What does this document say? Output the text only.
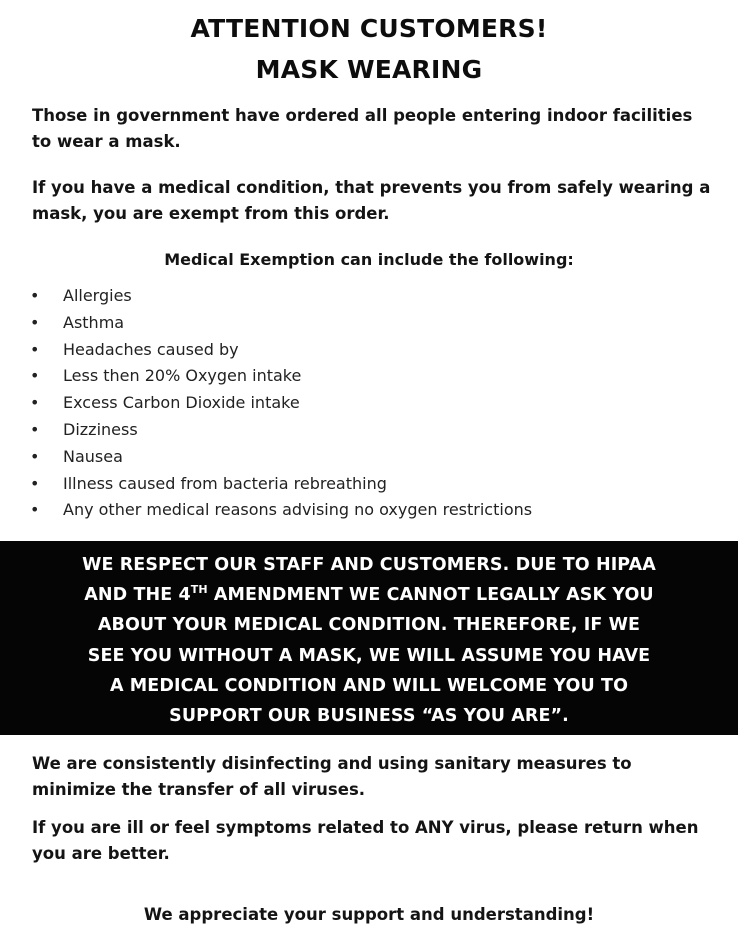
ATTENTION CUSTOMERS!
MASK WEARING

Those in government have ordered all people entering indoor facilities to wear a mask.

If you have a medical condition, that prevents you from safely wearing a mask, you are exempt from this order.

Medical Exemption can include the following:
• Allergies
• Asthma
• Headaches caused by
• Less then 20% Oxygen intake
• Excess Carbon Dioxide intake
• Dizziness
• Nausea
• Illness caused from bacteria rebreathing
• Any other medical reasons advising no oxygen restrictions
WE RESPECT OUR STAFF AND CUSTOMERS. DUE TO HIPAA
AND THE 4TH AMENDMENT WE CANNOT LEGALLY ASK YOU
ABOUT YOUR MEDICAL CONDITION. THEREFORE, IF WE
SEE YOU WITHOUT A MASK, WE WILL ASSUME YOU HAVE
A MEDICAL CONDITION AND WILL WELCOME YOU TO
SUPPORT OUR BUSINESS “AS YOU ARE”.

We are consistently disinfecting and using sanitary measures to minimize the transfer of all viruses.

If you are ill or feel symptoms related to ANY virus, please return when you are better.

We appreciate your support and understanding!
